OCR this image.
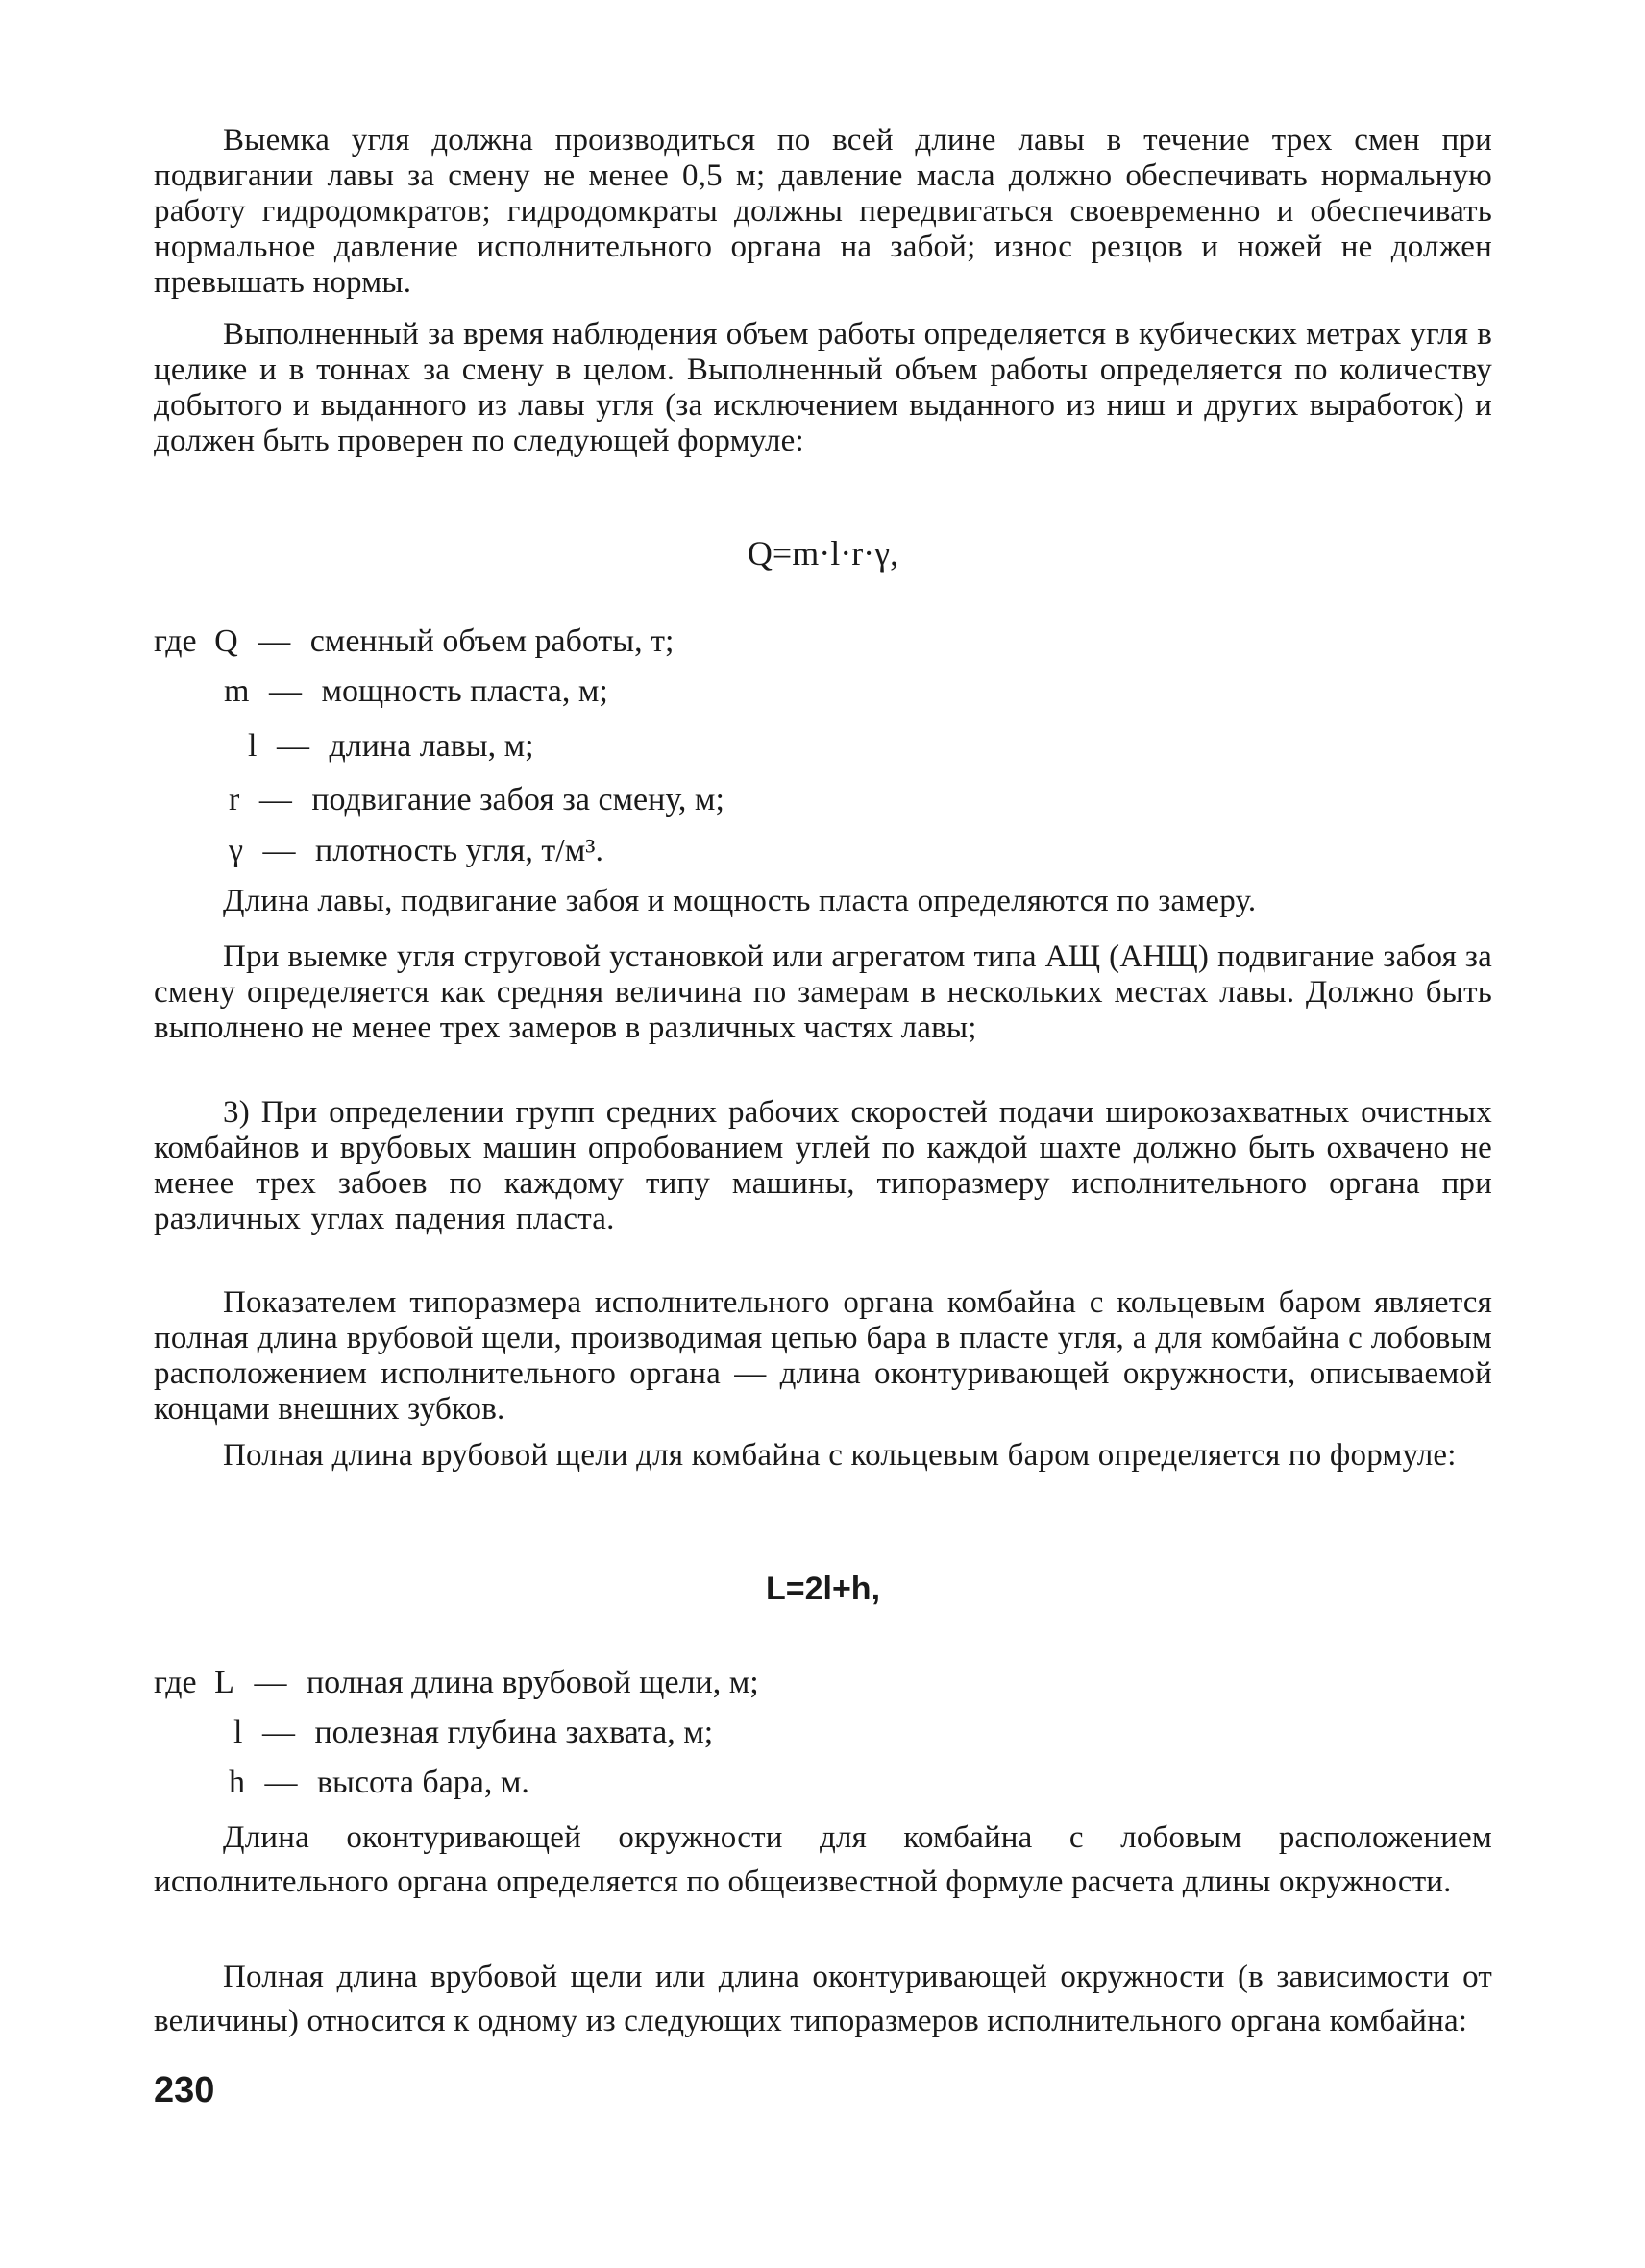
Выемка угля должна производиться по всей длине лавы в течение трех смен при подвигании лавы за смену не менее 0,5 м; давление масла должно обеспечивать нормальную работу гидродомкратов; гидродомкраты должны передвигаться своевременно и обеспечивать нормальное давление исполнительного органа на забой; износ резцов и ножей не должен превышать нормы.

Выполненный за время наблюдения объем работы определяется в кубических метрах угля в целике и в тоннах за смену в целом. Выполненный объем работы определяется по количеству добытого и выданного из лавы угля (за исключением выданного из ниш и других выработок) и должен быть проверен по следующей формуле:

Q=m·l·r·γ,

где Q — сменный объем работы, т;

m — мощность пласта, м;

l — длина лавы, м;

r — подвигание забоя за смену, м;

γ — плотность угля, т/м³.

Длина лавы, подвигание забоя и мощность пласта определяются по замеру.

При выемке угля струговой установкой или агрегатом типа АЩ (АНЩ) подвигание забоя за смену определяется как средняя величина по замерам в нескольких местах лавы. Должно быть выполнено не менее трех замеров в различных частях лавы;

3) При определении групп средних рабочих скоростей подачи широкозахватных очистных комбайнов и врубовых машин опробованием углей по каждой шахте должно быть охвачено не менее трех забоев по каждому типу машины, типоразмеру исполнительного органа при различных углах падения пласта.

Показателем типоразмера исполнительного органа комбайна с кольцевым баром является полная длина врубовой щели, производимая цепью бара в пласте угля, а для комбайна с лобовым расположением исполнительного органа — длина оконтуривающей окружности, описываемой концами внешних зубков.

Полная длина врубовой щели для комбайна с кольцевым баром определяется по формуле:

L=2l+h,

где L — полная длина врубовой щели, м;

l — полезная глубина захвата, м;

h — высота бара, м.

Длина оконтуривающей окружности для комбайна с лобовым расположением исполнительного органа определяется по общеизвестной формуле расчета длины окружности.

Полная длина врубовой щели или длина оконтуривающей окружности (в зависимости от величины) относится к одному из следующих типоразмеров исполнительного органа комбайна:

230
